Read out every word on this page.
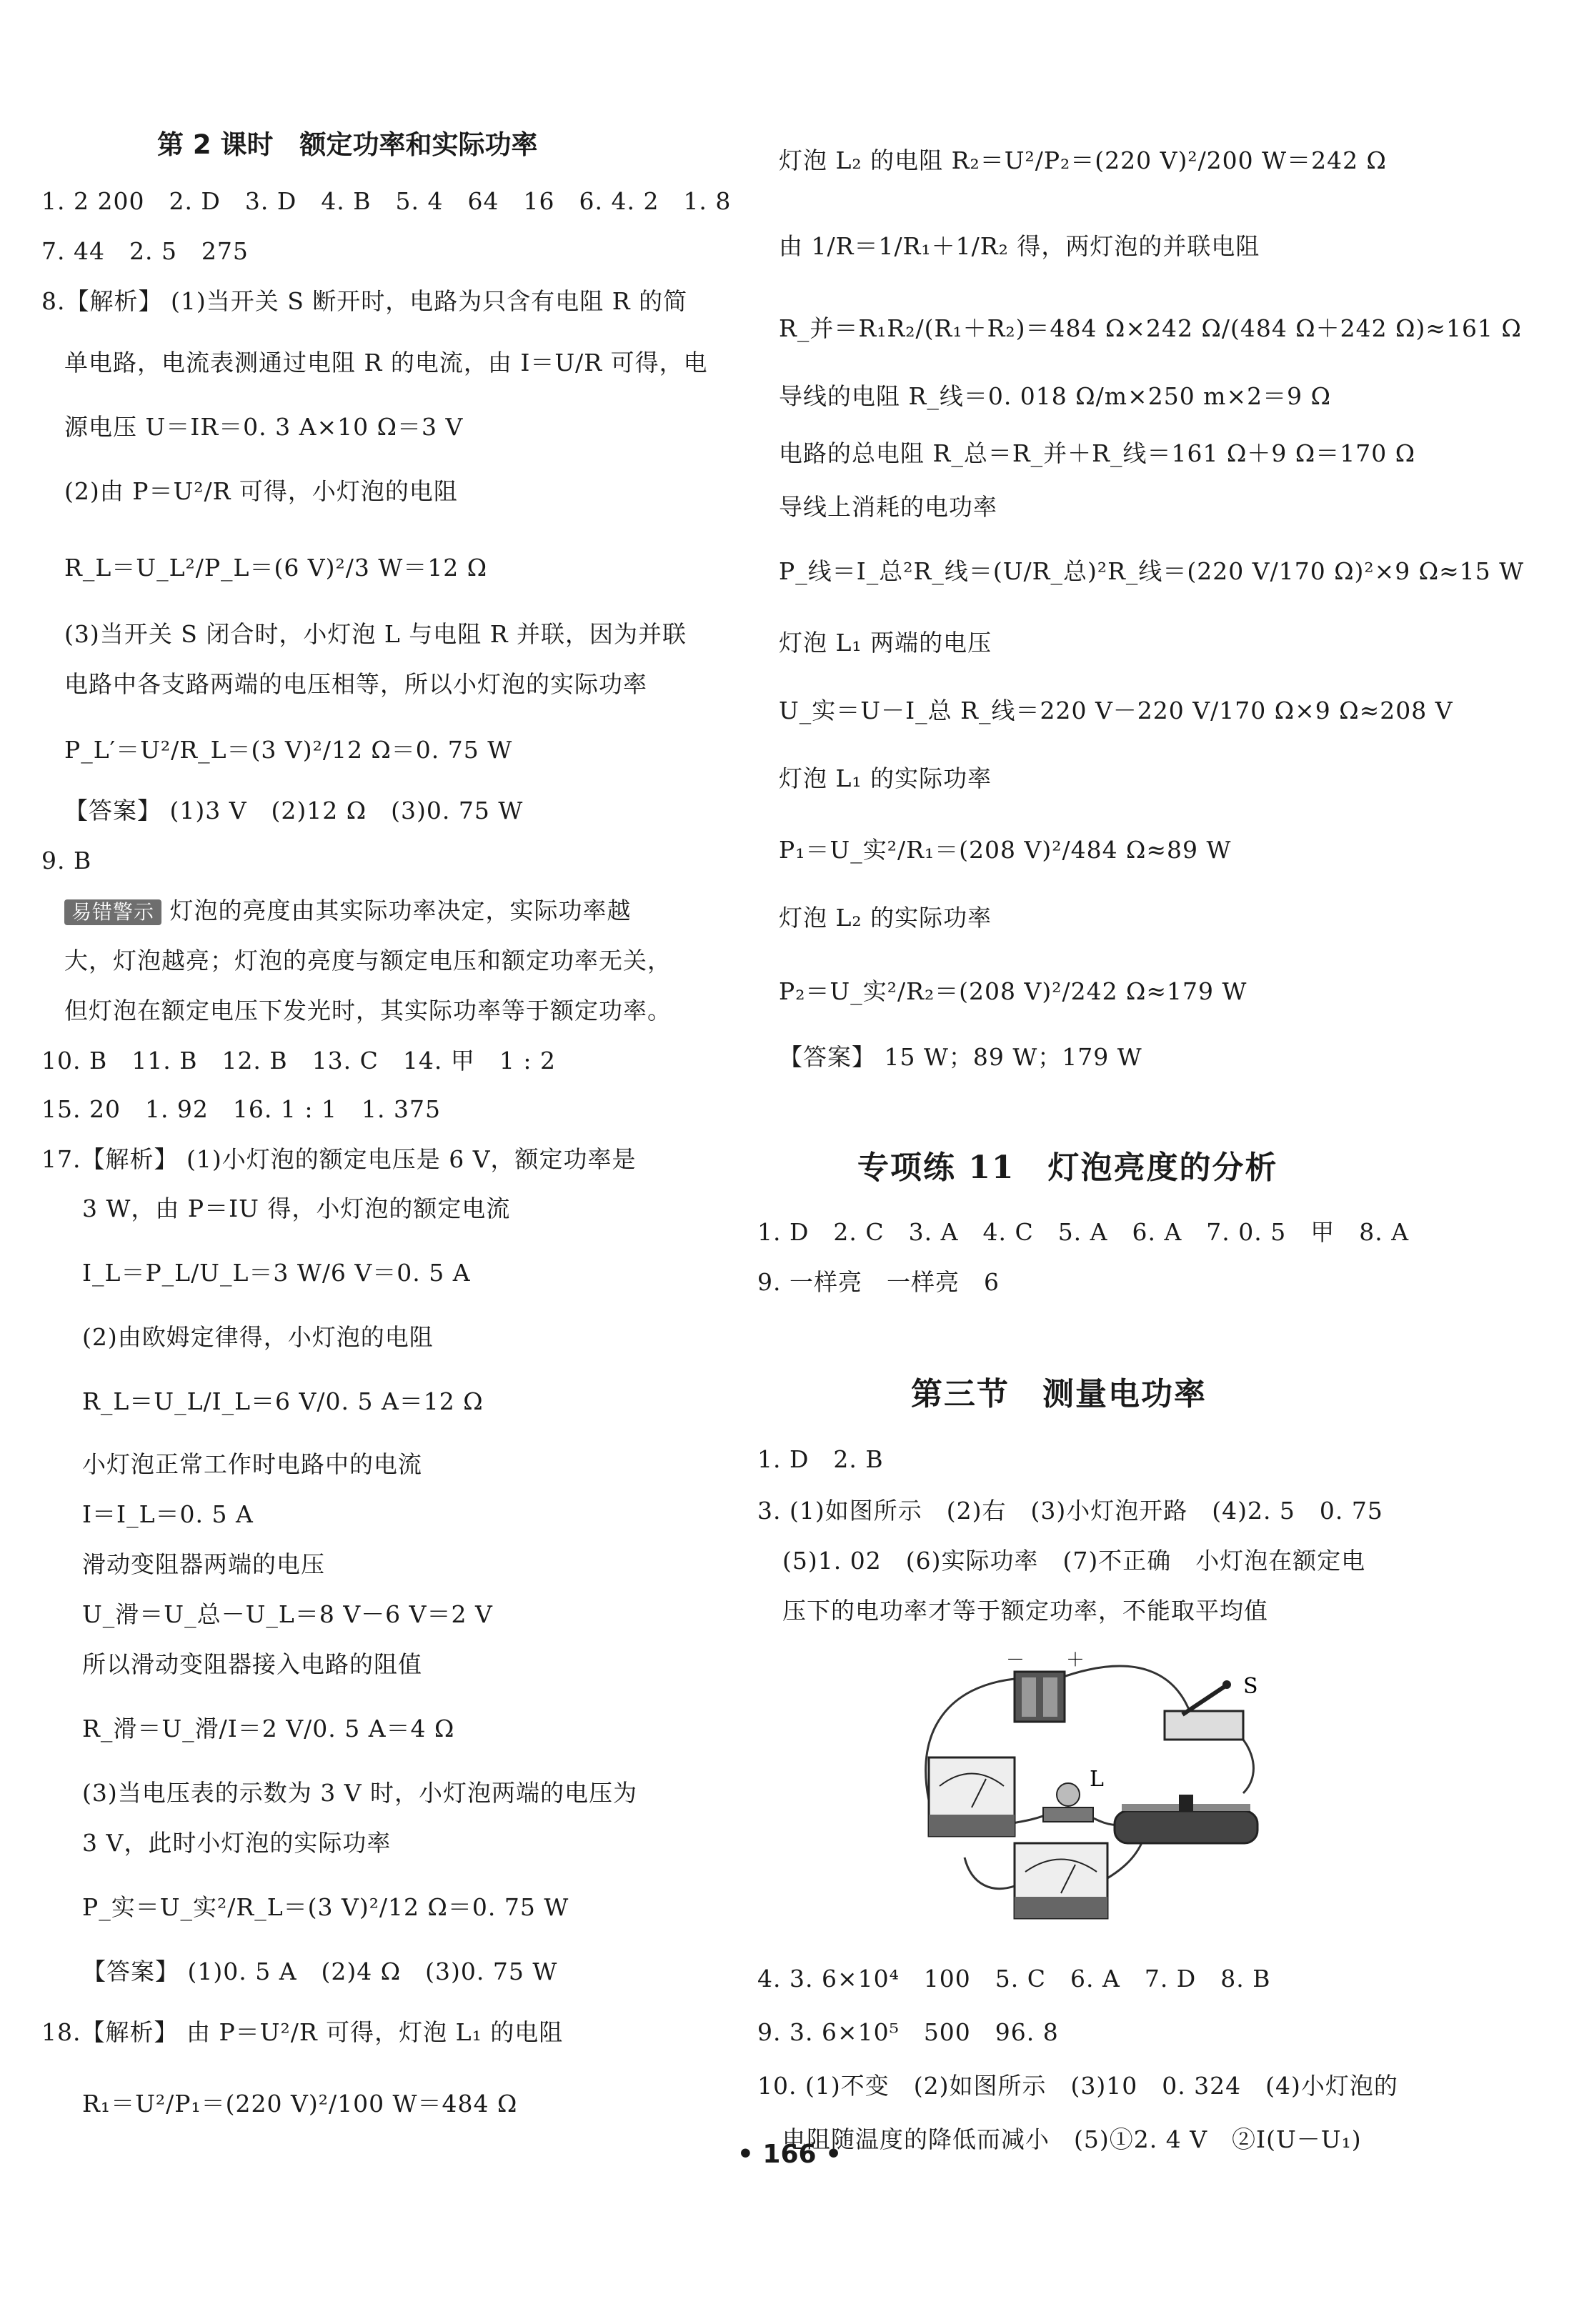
第 2 课时　额定功率和实际功率
1. 2 200　2. D　3. D　4. B　5. 4　64　16　6. 4. 2　1. 8
7. 44　2. 5　275
8.【解析】 (1)当开关 S 断开时，电路为只含有电阻 R 的简
单电路，电流表测通过电阻 R 的电流，由 I＝U/R 可得，电
源电压 U＝IR＝0. 3 A×10 Ω＝3 V
(2)由 P＝U²/R 可得，小灯泡的电阻
R_L＝U_L²/P_L＝(6 V)²/3 W＝12 Ω
(3)当开关 S 闭合时，小灯泡 L 与电阻 R 并联，因为并联
电路中各支路两端的电压相等，所以小灯泡的实际功率
P_L′＝U²/R_L＝(3 V)²/12 Ω＝0. 75 W
【答案】 (1)3 V　(2)12 Ω　(3)0. 75 W
9. B
易错警示 灯泡的亮度由其实际功率决定，实际功率越
大，灯泡越亮；灯泡的亮度与额定电压和额定功率无关，
但灯泡在额定电压下发光时，其实际功率等于额定功率。
10. B　11. B　12. B　13. C　14. 甲　1 : 2
15. 20　1. 92　16. 1 : 1　1. 375
17.【解析】 (1)小灯泡的额定电压是 6 V，额定功率是
3 W，由 P＝IU 得，小灯泡的额定电流
I_L＝P_L/U_L＝3 W/6 V＝0. 5 A
(2)由欧姆定律得，小灯泡的电阻
R_L＝U_L/I_L＝6 V/0. 5 A＝12 Ω
小灯泡正常工作时电路中的电流
I＝I_L＝0. 5 A
滑动变阻器两端的电压
U_滑＝U_总－U_L＝8 V－6 V＝2 V
所以滑动变阻器接入电路的阻值
R_滑＝U_滑/I＝2 V/0. 5 A＝4 Ω
(3)当电压表的示数为 3 V 时，小灯泡两端的电压为
3 V，此时小灯泡的实际功率
P_实＝U_实²/R_L＝(3 V)²/12 Ω＝0. 75 W
【答案】 (1)0. 5 A　(2)4 Ω　(3)0. 75 W
18.【解析】 由 P＝U²/R 可得，灯泡 L₁ 的电阻
R₁＝U²/P₁＝(220 V)²/100 W＝484 Ω
灯泡 L₂ 的电阻 R₂＝U²/P₂＝(220 V)²/200 W＝242 Ω
由 1/R＝1/R₁＋1/R₂ 得，两灯泡的并联电阻
R_并＝R₁R₂/(R₁＋R₂)＝484 Ω×242 Ω/(484 Ω＋242 Ω)≈161 Ω
导线的电阻 R_线＝0. 018 Ω/m×250 m×2＝9 Ω
电路的总电阻 R_总＝R_并＋R_线＝161 Ω＋9 Ω＝170 Ω
导线上消耗的电功率
P_线＝I_总²R_线＝(U/R_总)²R_线＝(220 V/170 Ω)²×9 Ω≈15 W
灯泡 L₁ 两端的电压
U_实＝U－I_总 R_线＝220 V－220 V/170 Ω×9 Ω≈208 V
灯泡 L₁ 的实际功率
P₁＝U_实²/R₁＝(208 V)²/484 Ω≈89 W
灯泡 L₂ 的实际功率
P₂＝U_实²/R₂＝(208 V)²/242 Ω≈179 W
【答案】 15 W；89 W；179 W
专项练 11　灯泡亮度的分析
1. D　2. C　3. A　4. C　5. A　6. A　7. 0. 5　甲　8. A
9. 一样亮　一样亮　6
第三节　测量电功率
1. D　2. B
3. (1)如图所示　(2)右　(3)小灯泡开路　(4)2. 5　0. 75
(5)1. 02　(6)实际功率　(7)不正确　小灯泡在额定电
压下的电功率才等于额定功率，不能取平均值
4. 3. 6×10⁴　100　5. C　6. A　7. D　8. B
9. 3. 6×10⁵　500　96. 8
10. (1)不变　(2)如图所示　(3)10　0. 324　(4)小灯泡的
电阻随温度的降低而减小　(5)①2. 4 V　②I(U－U₁)
－ ＋
S
L
• 166 •
